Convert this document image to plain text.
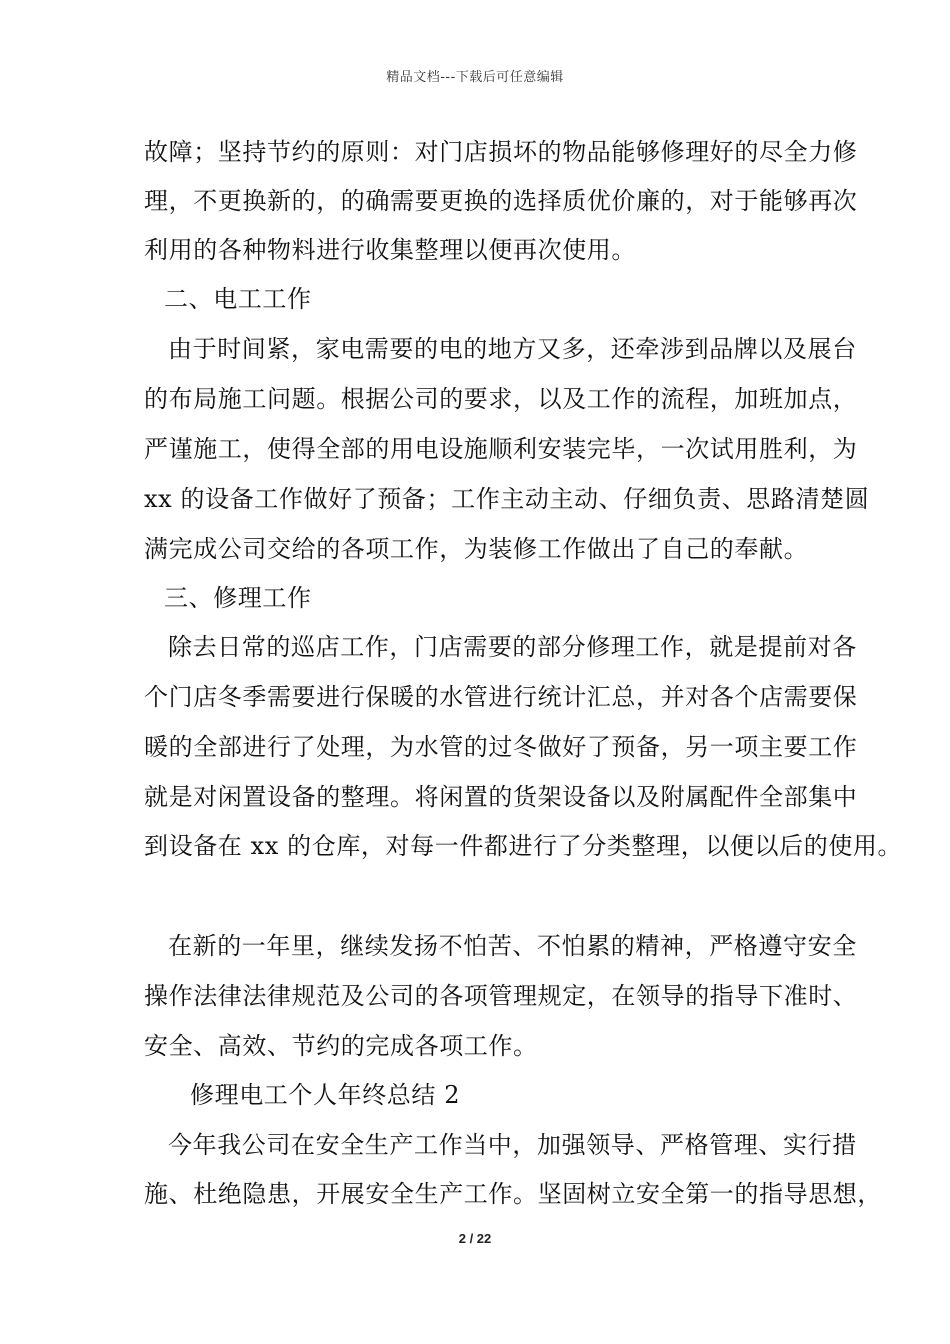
精品文档---下载后可任意编辑
故障；坚持节约的原则：对门店损坏的物品能够修理好的尽全力修
理，不更换新的，的确需要更换的选择质优价廉的，对于能够再次
利用的各种物料进行收集整理以便再次使用。
二、电工工作
由于时间紧，家电需要的电的地方又多，还牵涉到品牌以及展台
的布局施工问题。根据公司的要求，以及工作的流程，加班加点，
严谨施工，使得全部的用电设施顺利安装完毕，一次试用胜利，为
xx 的设备工作做好了预备；工作主动主动、仔细负责、思路清楚圆
满完成公司交给的各项工作，为装修工作做出了自己的奉献。
三、修理工作
除去日常的巡店工作，门店需要的部分修理工作，就是提前对各
个门店冬季需要进行保暖的水管进行统计汇总，并对各个店需要保
暖的全部进行了处理，为水管的过冬做好了预备，另一项主要工作
就是对闲置设备的整理。将闲置的货架设备以及附属配件全部集中
到设备在 xx 的仓库，对每一件都进行了分类整理，以便以后的使用。
在新的一年里，继续发扬不怕苦、不怕累的精神，严格遵守安全
操作法律法律规范及公司的各项管理规定，在领导的指导下准时、
安全、高效、节约的完成各项工作。
修理电工个人年终总结 2
今年我公司在安全生产工作当中，加强领导、严格管理、实行措
施、杜绝隐患，开展安全生产工作。坚固树立安全第一的指导思想，
2 / 22
